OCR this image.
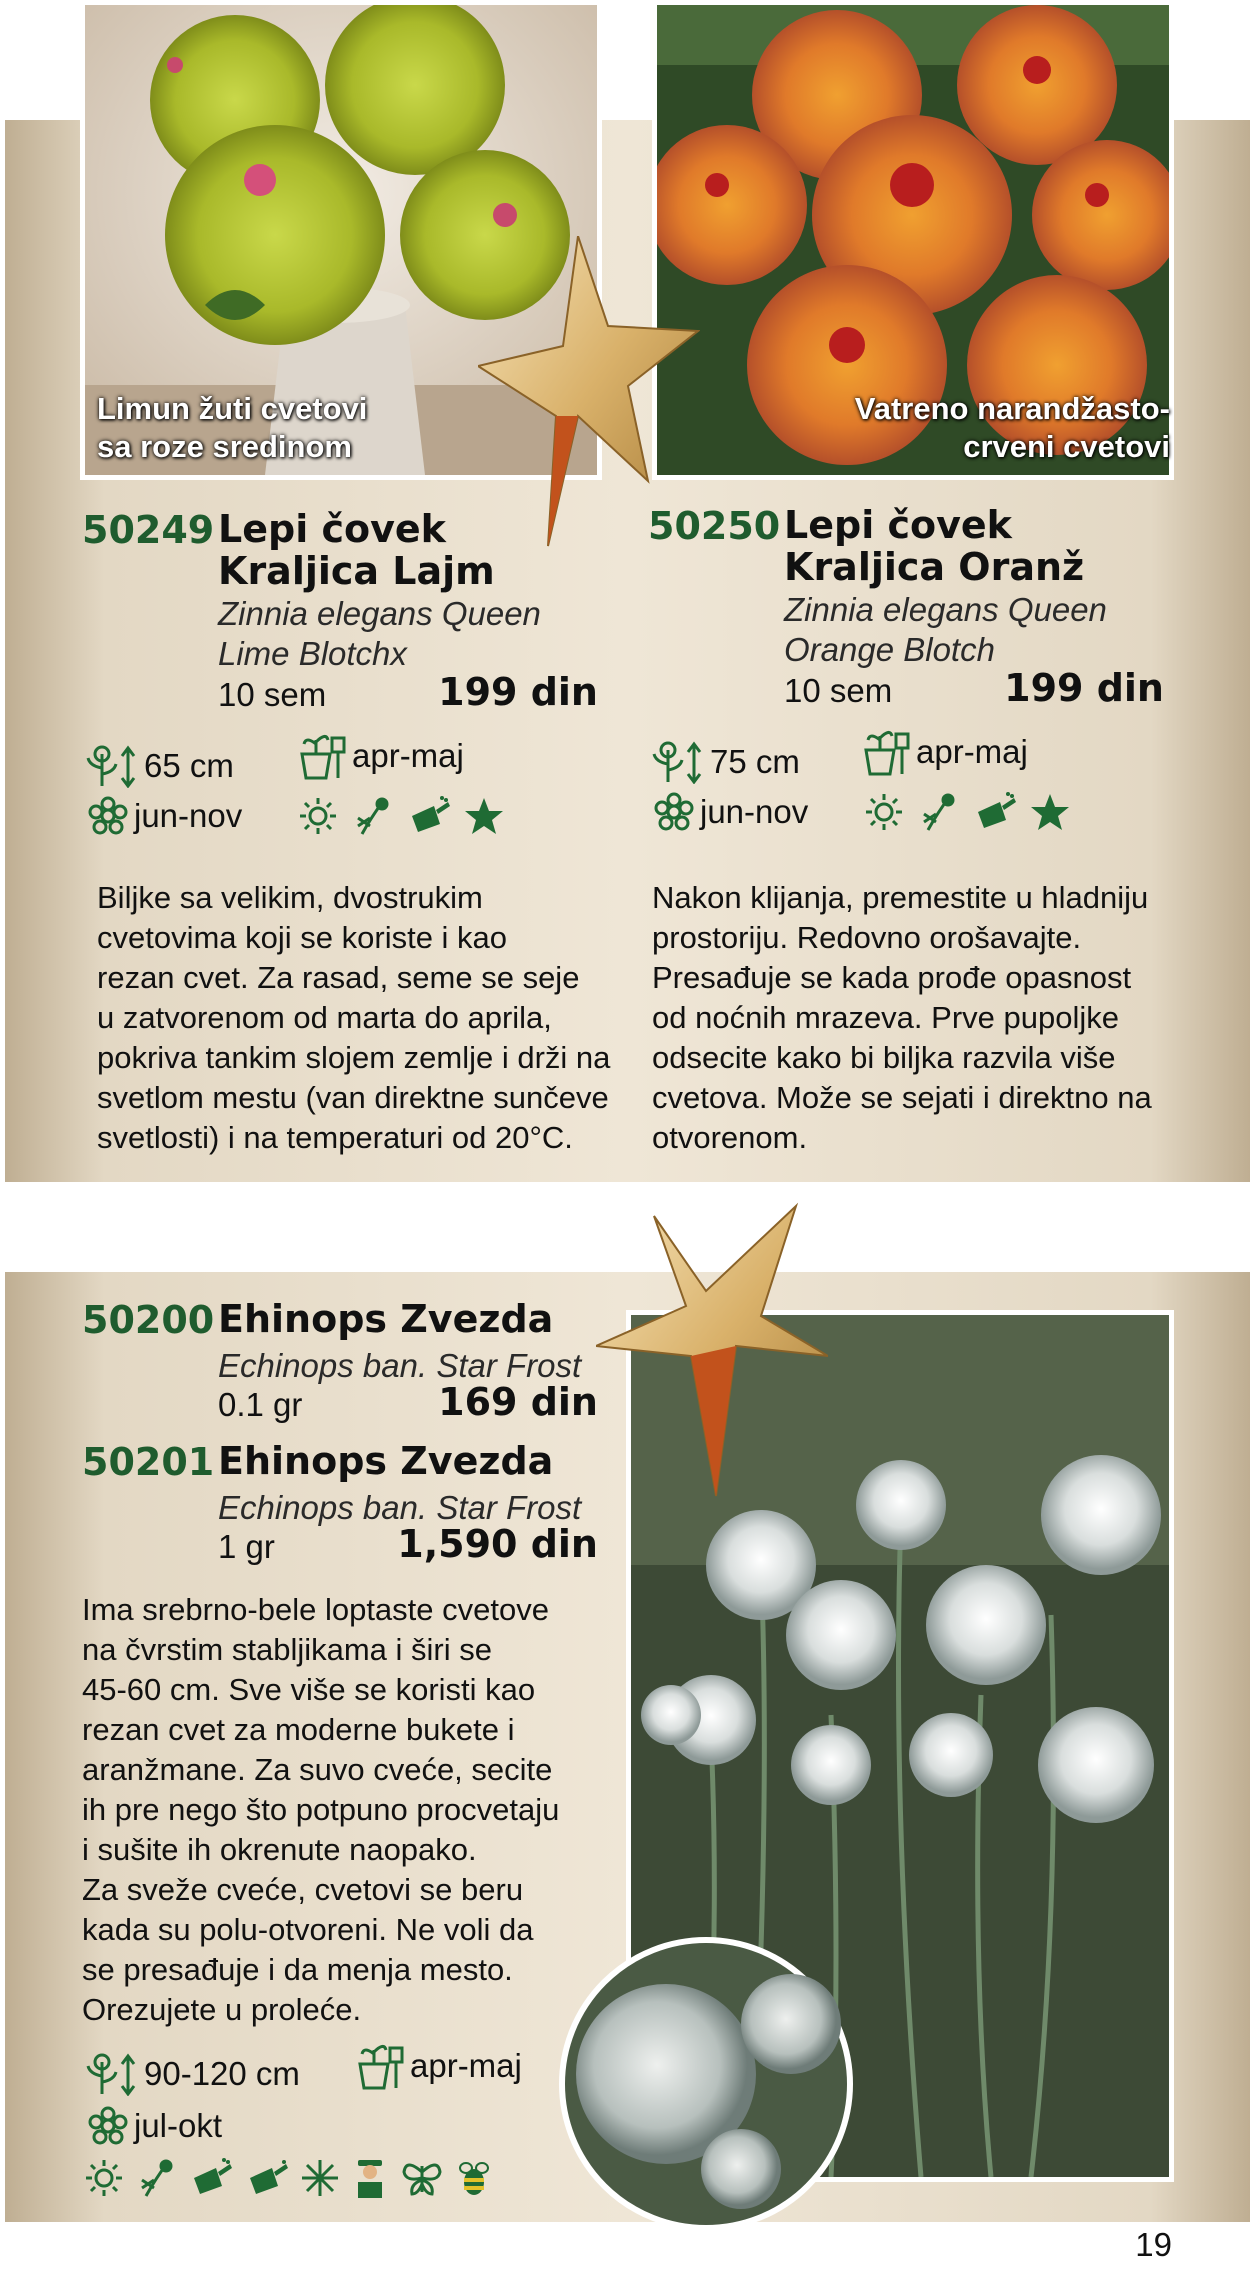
Limun žuti cvetovi
sa roze sredinom
Vatreno narandžasto-
crveni cvetovi
50249 Lepi čovek
Kraljica Lajm
Zinnia elegans Queen
Lime Blotchx
10 sem	199 din
65 cm	apr-maj
jun-nov
Biljke sa velikim, dvostrukim
cvetovima koji se koriste i kao
rezan cvet. Za rasad, seme se seje
u zatvorenom od marta do aprila,
pokriva tankim slojem zemlje i drži na
svetlom mestu (van direktne sunčeve
svetlosti) i na temperaturi od 20°C.
50250 Lepi čovek
Kraljica Oranž
Zinnia elegans Queen
Orange Blotch
10 sem	199 din
75 cm	apr-maj
jun-nov
Nakon klijanja, premestite u hladniju
prostoriju. Redovno orošavajte.
Presađuje se kada prođe opasnost
od noćnih mrazeva. Prve pupoljke
odsecite kako bi biljka razvila više
cvetova. Može se sejati i direktno na
otvorenom.
50200 Ehinops Zvezda
Echinops ban. Star Frost
0.1 gr	169 din
50201 Ehinops Zvezda
Echinops ban. Star Frost
1 gr	1,590 din
Ima srebrno-bele loptaste cvetove
na čvrstim stabljikama i širi se
45-60 cm. Sve više se koristi kao
rezan cvet za moderne bukete i
aranžmane. Za suvo cveće, secite
ih pre nego što potpuno procvetaju
i sušite ih okrenute naopako.
Za sveže cveće, cvetovi se beru
kada su polu-otvoreni. Ne voli da
se presađuje i da menja mesto.
Orezujete u proleće.
90-120 cm	apr-maj
jul-okt
19
